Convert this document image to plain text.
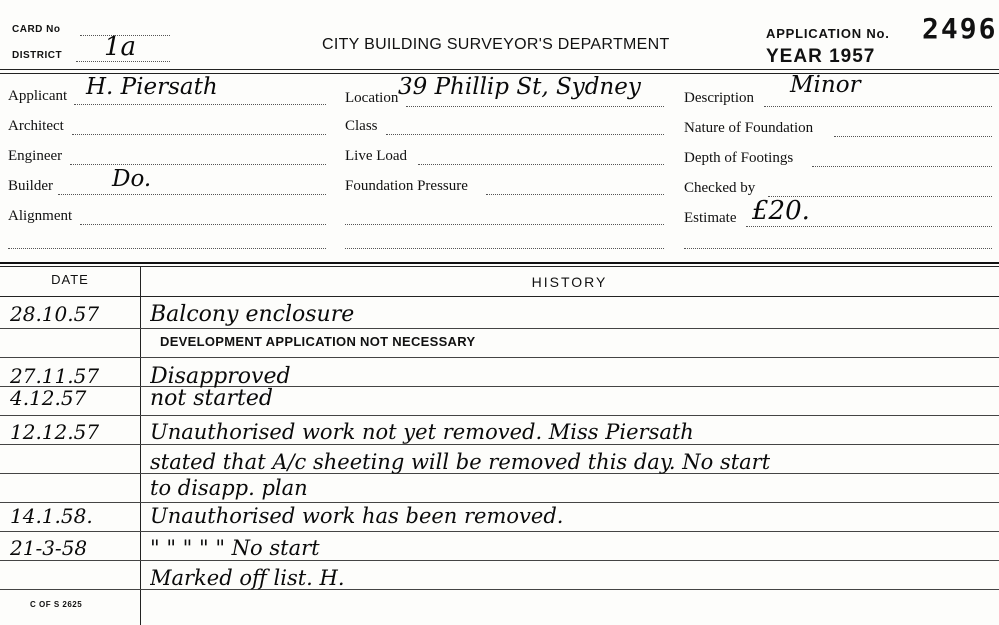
CARD No
DISTRICT 1a	CITY BUILDING SURVEYOR'S DEPARTMENT
APPLICATION No. 2496
YEAR 1957
Applicant H. Piersath
Architect
Engineer
Builder	Do.
Alignment
Location 39 Phillip St, Sydney
Class
Live Load
Foundation Pressure
Description Minor
Nature of Foundation
Depth of Footings
Checked by
Estimate £20.
DATE	HISTORY
28.10.57 Balcony enclosure
DEVELOPMENT APPLICATION NOT NECESSARY
27.11.57 Disapproved
4.12.57	not started
12.12.57 Unauthorised work not yet removed. Miss Piersath
stated that A/c sheeting will be removed this day. No start
to disapp. plan
14.1.58.	Unauthorised work has been removed.
21-3-58	" " " " " No start
Marked off list. H.
C OF S 2625
